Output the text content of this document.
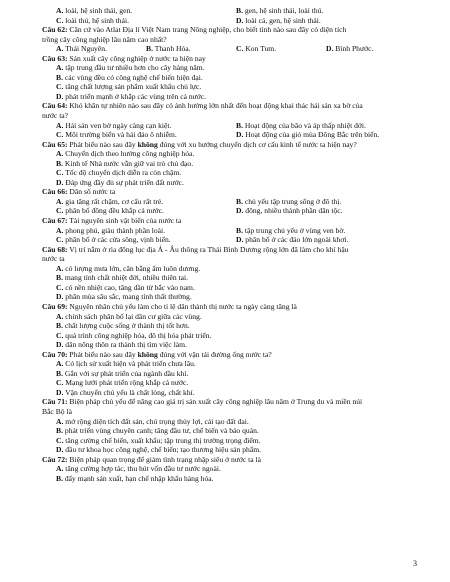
A. loài, hệ sinh thái, gen.	B. gen, hệ sinh thái, loài thú.
C. loài thú, hệ sinh thái.	D. loài cá, gen, hệ sinh thái.
Câu 62: Căn cứ vào Atlat Địa lí Việt Nam trang Nông nghiệp, cho biết tỉnh nào sau đây có diện tích
trồng cây công nghiệp lâu năm cao nhất?
A. Thái Nguyên.	B. Thanh Hóa.	C. Kon Tum.	D. Bình Phước.
Câu 63: Sản xuất cây công nghiệp ở nước ta hiện nay
A. tập trung đầu tư nhiều hơn cho cây hàng năm.
B. các vùng đều có công nghệ chế biến hiện đại.
C. tăng chất lượng sản phẩm xuất khẩu chủ lực.
D. phát triển mạnh ở khắp các vùng trên cả nước.
Câu 64: Khó khăn tự nhiên nào sau đây có ảnh hưởng lớn nhất đến hoạt động khai thác hải sản xa bờ của
nước ta?
A. Hải sản ven bờ ngày càng cạn kiệt.	B. Hoạt động của bão và áp thấp nhiệt đới.
C. Môi trường biển và hải đảo ô nhiễm.	D. Hoạt động của gió mùa Đông Bắc trên biển.
Câu 65: Phát biểu nào sau đây không đúng với xu hướng chuyển dịch cơ cấu kinh tế nước ta hiện nay?
A. Chuyển dịch theo hướng công nghiệp hóa.
B. Kinh tế Nhà nước vẫn giữ vai trò chủ đạo.
C. Tốc độ chuyển dịch diễn ra còn chậm.
D. Đáp ứng đầy đủ sự phát triển đất nước.
Câu 66: Dân số nước ta
A. gia tăng rất chậm, cơ cấu rất trẻ.	B. chủ yếu tập trung sống ở đô thị.
C. phân bố đồng đều khắp cả nước.	D. đông, nhiều thành phần dân tộc.
Câu 67: Tài nguyên sinh vật biển của nước ta
A. phong phú, giàu thành phần loài.	B. tập trung chủ yếu ở vùng ven bờ.
C. phân bố ở các cửa sông, vịnh biển.	D. phân bố ở các đảo lớn ngoài khơi.
Câu 68: Vị trí nằm ở rìa đông lục địa Á - Âu thông ra Thái Bình Dương rộng lớn đã làm cho khí hậu
nước ta
A. có lượng mưa lớn, cân bằng ẩm luôn dương.
B. mang tính chất nhiệt đới, nhiều thiên tai.
C. có nền nhiệt cao, tăng dần từ bắc vào nam.
D. phân mùa sâu sắc, mang tính thất thường.
Câu 69: Nguyên nhân chủ yếu làm cho tỉ lệ dân thành thị nước ta ngày càng tăng là
A. chính sách phân bố lại dân cư giữa các vùng.
B. chất lượng cuộc sống ở thành thị tốt hơn.
C. quá trình công nghiệp hóa, đô thị hóa phát triển.
D. dân nông thôn ra thành thị tìm việc làm.
Câu 70: Phát biểu nào sau đây không đúng với vận tải đường ống nước ta?
A. Có lịch sử xuất hiện và phát triển chưa lâu.
B. Gắn với sự phát triển của ngành dầu khí.
C. Mạng lưới phát triển rộng khắp cả nước.
D. Vận chuyển chủ yếu là chất lỏng, chất khí.
Câu 71: Biện pháp chủ yếu để nâng cao giá trị sản xuất cây công nghiệp lâu năm ở Trung du và miền núi
Bắc Bộ là
A. mở rộng diện tích đất sản, chú trọng thủy lợi, cải tạo đất đai.
B. phát triển vùng chuyên canh; tăng đầu tư, chế biến và bảo quản.
C. tăng cường chế biến, xuất khẩu; tập trung thị trường trọng điểm.
D. đầu tư khoa học công nghệ, chế biến; tạo thương hiệu sản phẩm.
Câu 72: Biện pháp quan trọng để giảm tình trạng nhập siêu ở nước ta là
A. tăng cường hợp tác, thu hút vốn đầu tư nước ngoài.
B. đẩy mạnh sản xuất, hạn chế nhập khẩu hàng hóa.
3
